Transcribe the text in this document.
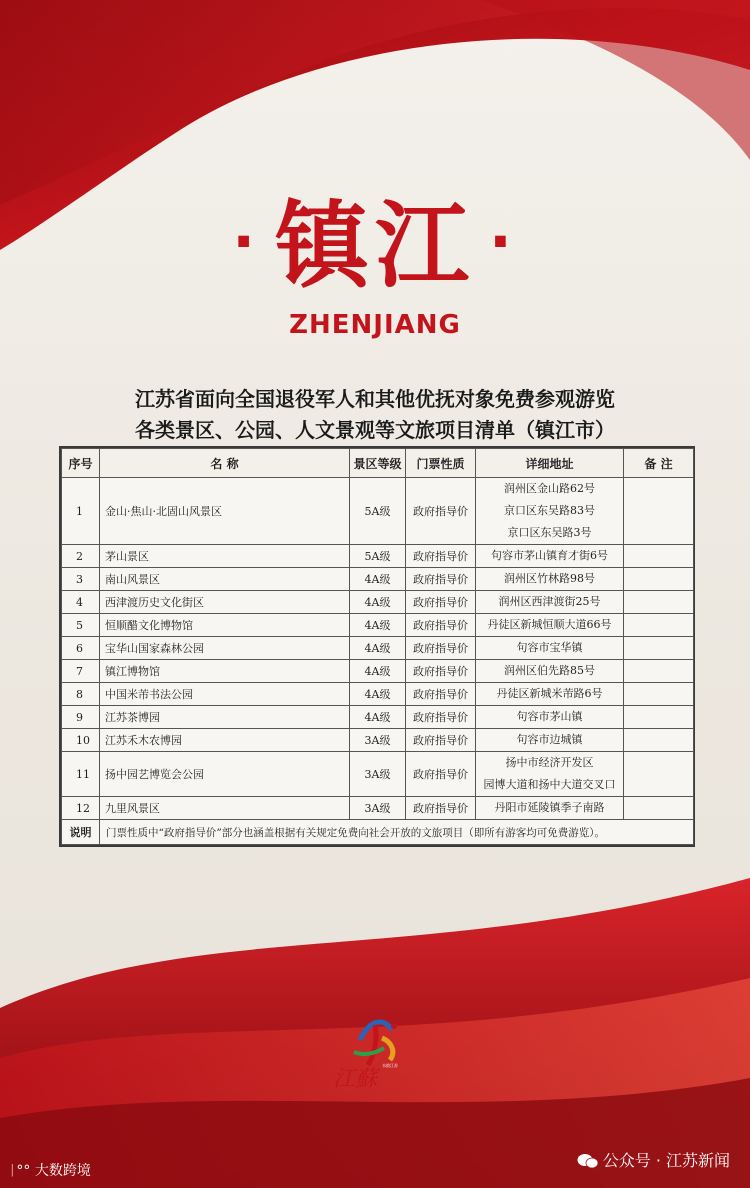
· 镇江 ·
ZHENJIANG
江苏省面向全国退役军人和其他优抚对象免费参观游览
各类景区、公园、人文景观等文旅项目清单（镇江市）
序号	名 称	景区等级	门票性质	详细地址	备 注
1	金山·焦山·北固山风景区	5A级	政府指导价	润州区金山路62号
京口区东吴路83号
京口区东吴路3号	

2	茅山景区	5A级	政府指导价	句容市茅山镇育才街6号	

3	南山风景区	4A级	政府指导价	润州区竹林路98号	

4	西津渡历史文化街区	4A级	政府指导价	润州区西津渡街25号	

5	恒顺醋文化博物馆	4A级	政府指导价	丹徒区新城恒顺大道66号	

6	宝华山国家森林公园	4A级	政府指导价	句容市宝华镇	

7	镇江博物馆	4A级	政府指导价	润州区伯先路85号	

8	中国米芾书法公园	4A级	政府指导价	丹徒区新城米芾路6号	

9	江苏茶博园	4A级	政府指导价	句容市茅山镇	

10	江苏禾木农博园	3A级	政府指导价	句容市边城镇	

11	扬中园艺博览会公园	3A级	政府指导价	扬中市经济开发区
园博大道和扬中大道交叉口	

12	九里风景区	3A级	政府指导价	丹阳市延陵镇季子南路	

说明	门票性质中“政府指导价”部分也涵盖根据有关规定免费向社会开放的文旅项目（即所有游客均可免费游览）。				
江蘇
水韵江苏
ᛁ°° 大数跨境
公众号 · 江苏新闻
